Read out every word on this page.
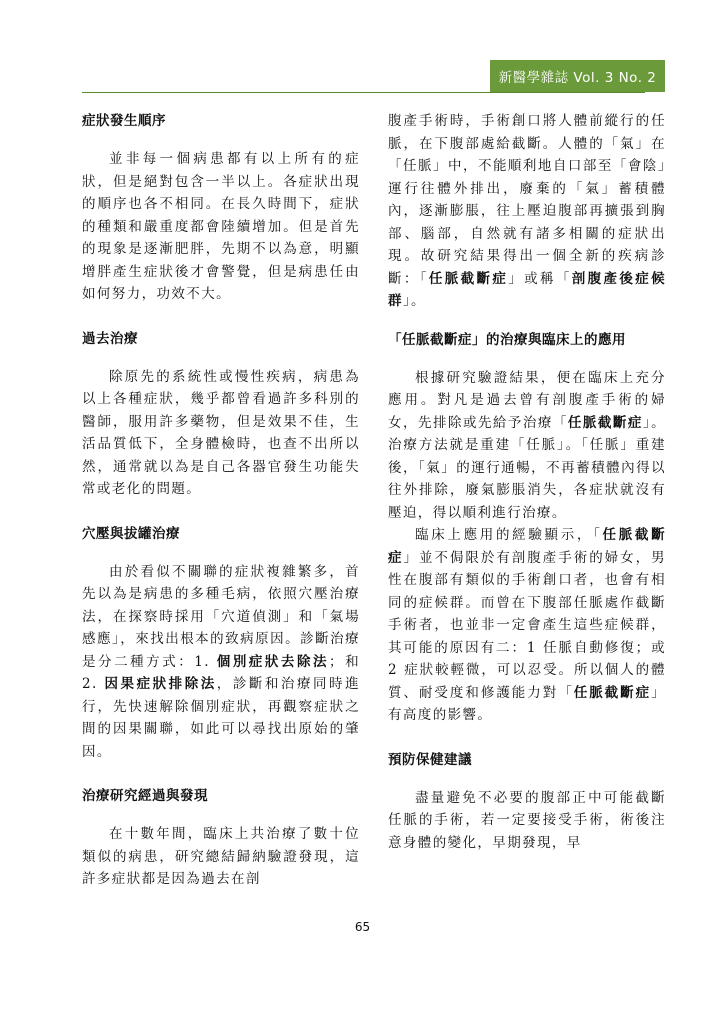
新醫學雜誌 Vol. 3 No. 2
症狀發生順序

並非每一個病患都有以上所有的症狀，但是絕對包含一半以上。各症狀出現的順序也各不相同。在長久時間下，症狀的種類和嚴重度都會陸續增加。但是首先的現象是逐漸肥胖，先期不以為意，明顯增胖產生症狀後才會警覺，但是病患任由如何努力，功效不大。

過去治療

除原先的系統性或慢性疾病，病患為以上各種症狀，幾乎都曾看過許多科別的醫師，服用許多藥物，但是效果不佳，生活品質低下，全身體檢時，也查不出所以然，通常就以為是自己各器官發生功能失常或老化的問題。

穴壓與拔罐治療

由於看似不關聯的症狀複雜繁多，首先以為是病患的多種毛病，依照穴壓治療法，在探察時採用「穴道偵測」和「氣場感應」，來找出根本的致病原因。診斷治療是分二種方式：1. 個別症狀去除法；和 2. 因果症狀排除法，診斷和治療同時進行，先快速解除個別症狀，再觀察症狀之間的因果關聯，如此可以尋找出原始的肇因。

治療研究經過與發現

在十數年間，臨床上共治療了數十位類似的病患，研究總結歸納驗證發現，這許多症狀都是因為過去在剖

腹產手術時，手術創口將人體前縱行的任脈，在下腹部處給截斷。人體的「氣」在「任脈」中，不能順利地自口部至「會陰」運行往體外排出，廢棄的「氣」蓄積體內，逐漸膨脹，往上壓迫腹部再擴張到胸部、腦部，自然就有諸多相關的症狀出現。故研究結果得出一個全新的疾病診斷：「任脈截斷症」或稱「剖腹產後症候群」。

「任脈截斷症」的治療與臨床上的應用

根據研究驗證結果，便在臨床上充分應用。對凡是過去曾有剖腹產手術的婦女，先排除或先給予治療「任脈截斷症」。治療方法就是重建「任脈」。「任脈」重建後，「氣」的運行通暢，不再蓄積體內得以往外排除，廢氣膨脹消失，各症狀就沒有壓迫，得以順利進行治療。

臨床上應用的經驗顯示，「任脈截斷症」並不侷限於有剖腹產手術的婦女，男性在腹部有類似的手術創口者，也會有相同的症候群。而曾在下腹部任脈處作截斷手術者，也並非一定會產生這些症候群，其可能的原因有二：1 任脈自動修復；或 2 症狀較輕微，可以忍受。所以個人的體質、耐受度和修護能力對「任脈截斷症」有高度的影響。

預防保健建議

盡量避免不必要的腹部正中可能截斷任脈的手術，若一定要接受手術，術後注意身體的變化，早期發現，早

65
